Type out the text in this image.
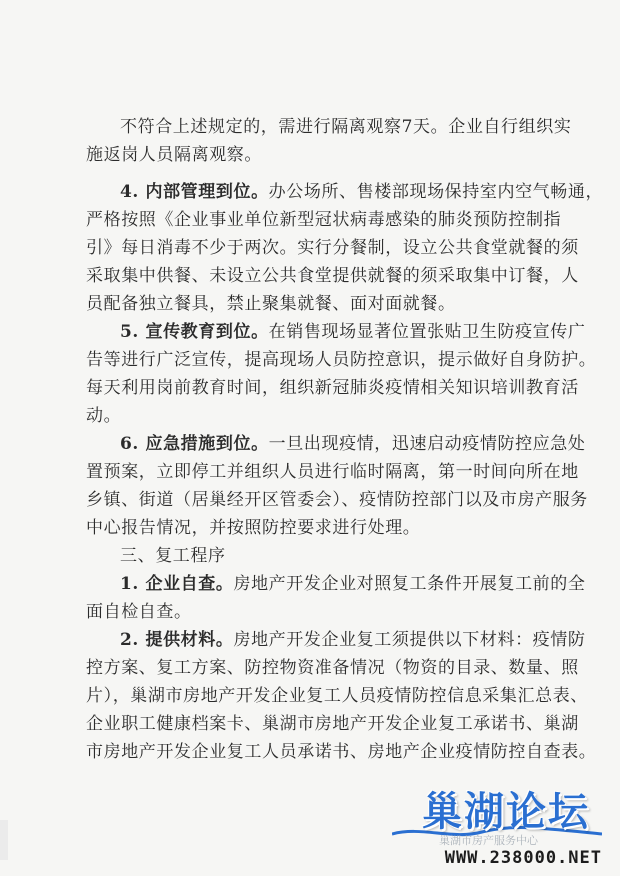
不符合上述规定的，需进行隔离观察7天。企业自行组织实
施返岗人员隔离观察。
4. 内部管理到位。办公场所、售楼部现场保持室内空气畅通，
严格按照《企业事业单位新型冠状病毒感染的肺炎预防控制指
引》每日消毒不少于两次。实行分餐制，设立公共食堂就餐的须
采取集中供餐、未设立公共食堂提供就餐的须采取集中订餐，人
员配备独立餐具，禁止聚集就餐、面对面就餐。
5. 宣传教育到位。在销售现场显著位置张贴卫生防疫宣传广
告等进行广泛宣传，提高现场人员防控意识，提示做好自身防护。
每天利用岗前教育时间，组织新冠肺炎疫情相关知识培训教育活
动。
6. 应急措施到位。一旦出现疫情，迅速启动疫情防控应急处
置预案，立即停工并组织人员进行临时隔离，第一时间向所在地
乡镇、街道（居巢经开区管委会）、疫情防控部门以及市房产服务
中心报告情况，并按照防控要求进行处理。
三、复工程序
1. 企业自查。房地产开发企业对照复工条件开展复工前的全
面自检自查。
2. 提供材料。房地产开发企业复工须提供以下材料：疫情防
控方案、复工方案、防控物资准备情况（物资的目录、数量、照
片），巢湖市房地产开发企业复工人员疫情防控信息采集汇总表、
企业职工健康档案卡、巢湖市房地产开发企业复工承诺书、巢湖
市房地产开发企业复工人员承诺书、房地产企业疫情防控自查表。
巢湖论坛
巢湖市房产服务中心
WWW.238000.NET
